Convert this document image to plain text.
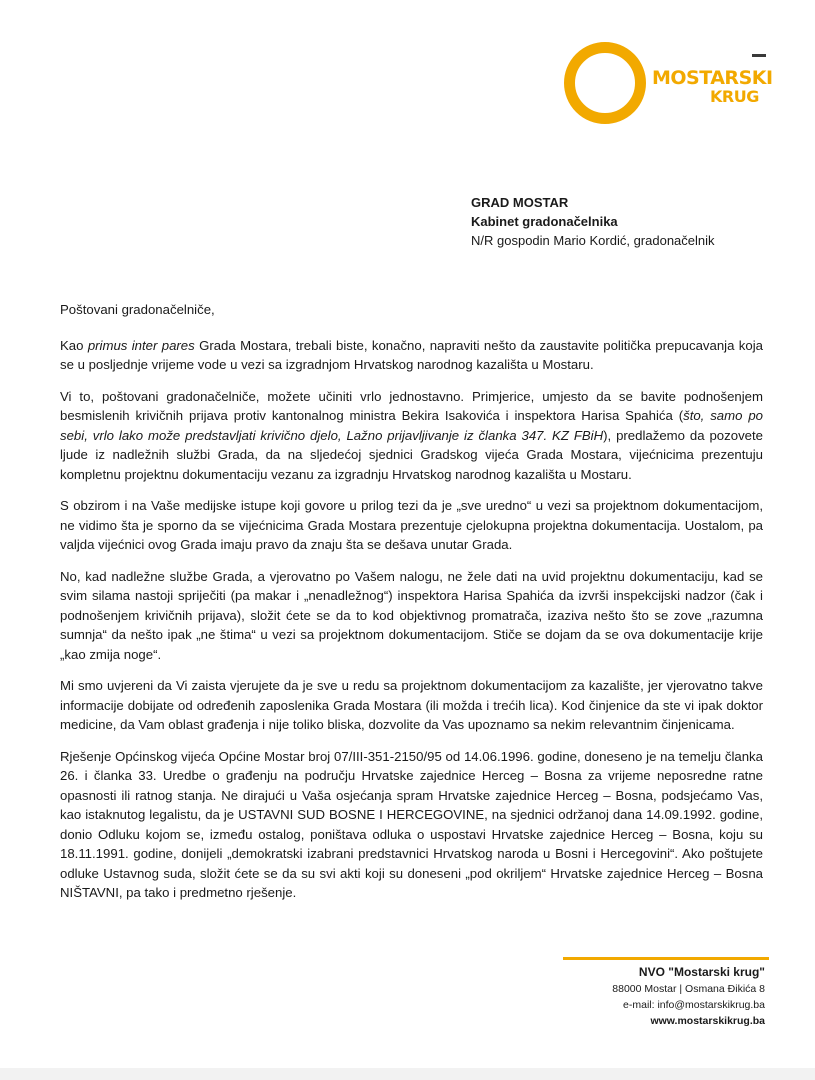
MOSTARSKI
KRUG
GRAD MOSTAR
Kabinet gradonačelnika
N/R gospodin Mario Kordić, gradonačelnik

Poštovani gradonačelniče,

Kao primus inter pares Grada Mostara, trebali biste, konačno, napraviti nešto da zaustavite politička prepucavanja koja se u posljednje vrijeme vode u vezi sa izgradnjom Hrvatskog narodnog kazališta u Mostaru.

Vi to, poštovani gradonačelniče, možete učiniti vrlo jednostavno. Primjerice, umjesto da se bavite podnošenjem besmislenih krivičnih prijava protiv kantonalnog ministra Bekira Isakovića i inspektora Harisa Spahića (što, samo po sebi, vrlo lako može predstavljati krivično djelo, Lažno prijavljivanje iz članka 347. KZ FBiH), predlažemo da pozovete ljude iz nadležnih službi Grada, da na sljedećoj sjednici Gradskog vijeća Grada Mostara, vijećnicima prezentuju kompletnu projektnu dokumentaciju vezanu za izgradnju Hrvatskog narodnog kazališta u Mostaru.

S obzirom i na Vaše medijske istupe koji govore u prilog tezi da je „sve uredno“ u vezi sa projektnom dokumentacijom, ne vidimo šta je sporno da se vijećnicima Grada Mostara prezentuje cjelokupna projektna dokumentacija. Uostalom, pa valjda vijećnici ovog Grada imaju pravo da znaju šta se dešava unutar Grada.

No, kad nadležne službe Grada, a vjerovatno po Vašem nalogu, ne žele dati na uvid projektnu dokumentaciju, kad se svim silama nastoji spriječiti (pa makar i „nenadležnog“) inspektora Harisa Spahića da izvrši inspekcijski nadzor (čak i podnošenjem krivičnih prijava), složit ćete se da to kod objektivnog promatrača, izaziva nešto što se zove „razumna sumnja“ da nešto ipak „ne štima“ u vezi sa projektnom dokumentacijom. Stiče se dojam da se ova dokumentacije krije „kao zmija noge“.

Mi smo uvjereni da Vi zaista vjerujete da je sve u redu sa projektnom dokumentacijom za kazalište, jer vjerovatno takve informacije dobijate od određenih zaposlenika Grada Mostara (ili možda i trećih lica). Kod činjenice da ste vi ipak doktor medicine, da Vam oblast građenja i nije toliko bliska, dozvolite da Vas upoznamo sa nekim relevantnim činjenicama.

Rješenje Općinskog vijeća Općine Mostar broj 07/III-351-2150/95 od 14.06.1996. godine, doneseno je na temelju članka 26. i članka 33. Uredbe o građenju na području Hrvatske zajednice Herceg – Bosna za vrijeme neposredne ratne opasnosti ili ratnog stanja. Ne dirajući u Vaša osjećanja spram Hrvatske zajednice Herceg – Bosna, podsjećamo Vas, kao istaknutog legalistu, da je USTAVNI SUD BOSNE I HERCEGOVINE, na sjednici održanoj dana 14.09.1992. godine, donio Odluku kojom se, između ostalog, poništava odluka o uspostavi Hrvatske zajednice Herceg – Bosna, koju su 18.11.1991. godine, donijeli „demokratski izabrani predstavnici Hrvatskog naroda u Bosni i Hercegovini“. Ako poštujete odluke Ustavnog suda, složit ćete se da su svi akti koji su doneseni „pod okriljem“ Hrvatske zajednice Herceg – Bosna NIŠTAVNI, pa tako i predmetno rješenje.

NVO "Mostarski krug"
88000 Mostar | Osmana Đikića 8
e-mail: info@mostarskikrug.ba
www.mostarskikrug.ba
